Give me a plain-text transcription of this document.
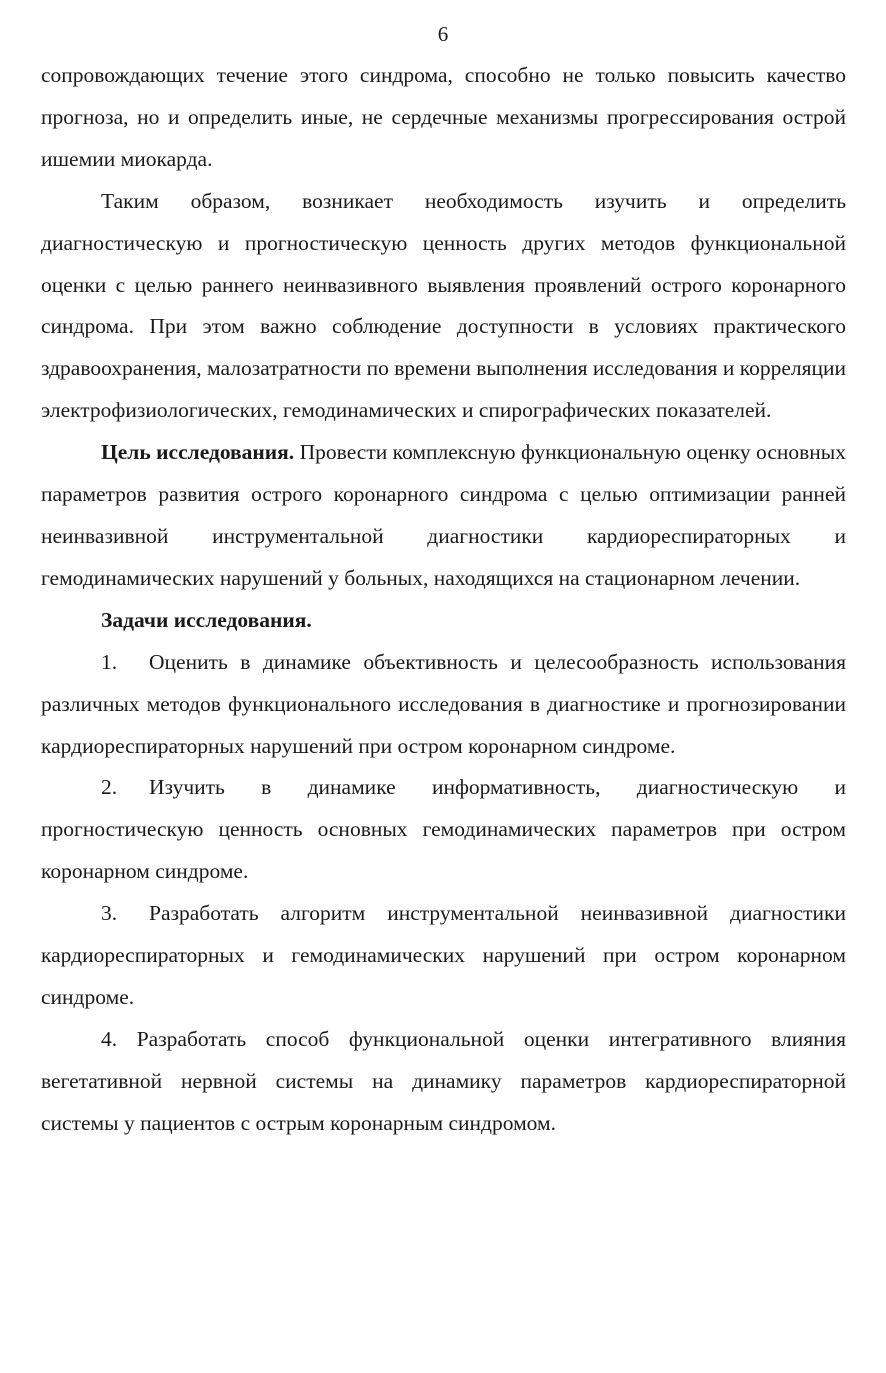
6

сопровождающих течение этого синдрома, способно не только повысить качество прогноза, но и определить иные, не сердечные механизмы прогрессирования острой ишемии миокарда.

Таким образом, возникает необходимость изучить и определить диагностическую и прогностическую ценность других методов функциональной оценки с целью раннего неинвазивного выявления проявлений острого коронарного синдрома. При этом важно соблюдение доступности в условиях практического здравоохранения, малозатратности по времени выполнения исследования и корреляции электрофизиологических, гемодинамических и спирографических показателей.

Цель исследования. Провести комплексную функциональную оценку основных параметров развития острого коронарного синдрома с целью оптимизации ранней неинвазивной инструментальной диагностики кардиореспираторных и гемодинамических нарушений у больных, находящихся на стационарном лечении.

Задачи исследования.

1. Оценить в динамике объективность и целесообразность использования различных методов функционального исследования в диагностике и прогнозировании кардиореспираторных нарушений при остром коронарном синдроме.

2. Изучить в динамике информативность, диагностическую и прогностическую ценность основных гемодинамических параметров при остром коронарном синдроме.

3. Разработать алгоритм инструментальной неинвазивной диагностики кардиореспираторных и гемодинамических нарушений при остром коронарном синдроме.

4. Разработать способ функциональной оценки интегративного влияния вегетативной нервной системы на динамику параметров кардиореспираторной системы у пациентов с острым коронарным синдромом.
